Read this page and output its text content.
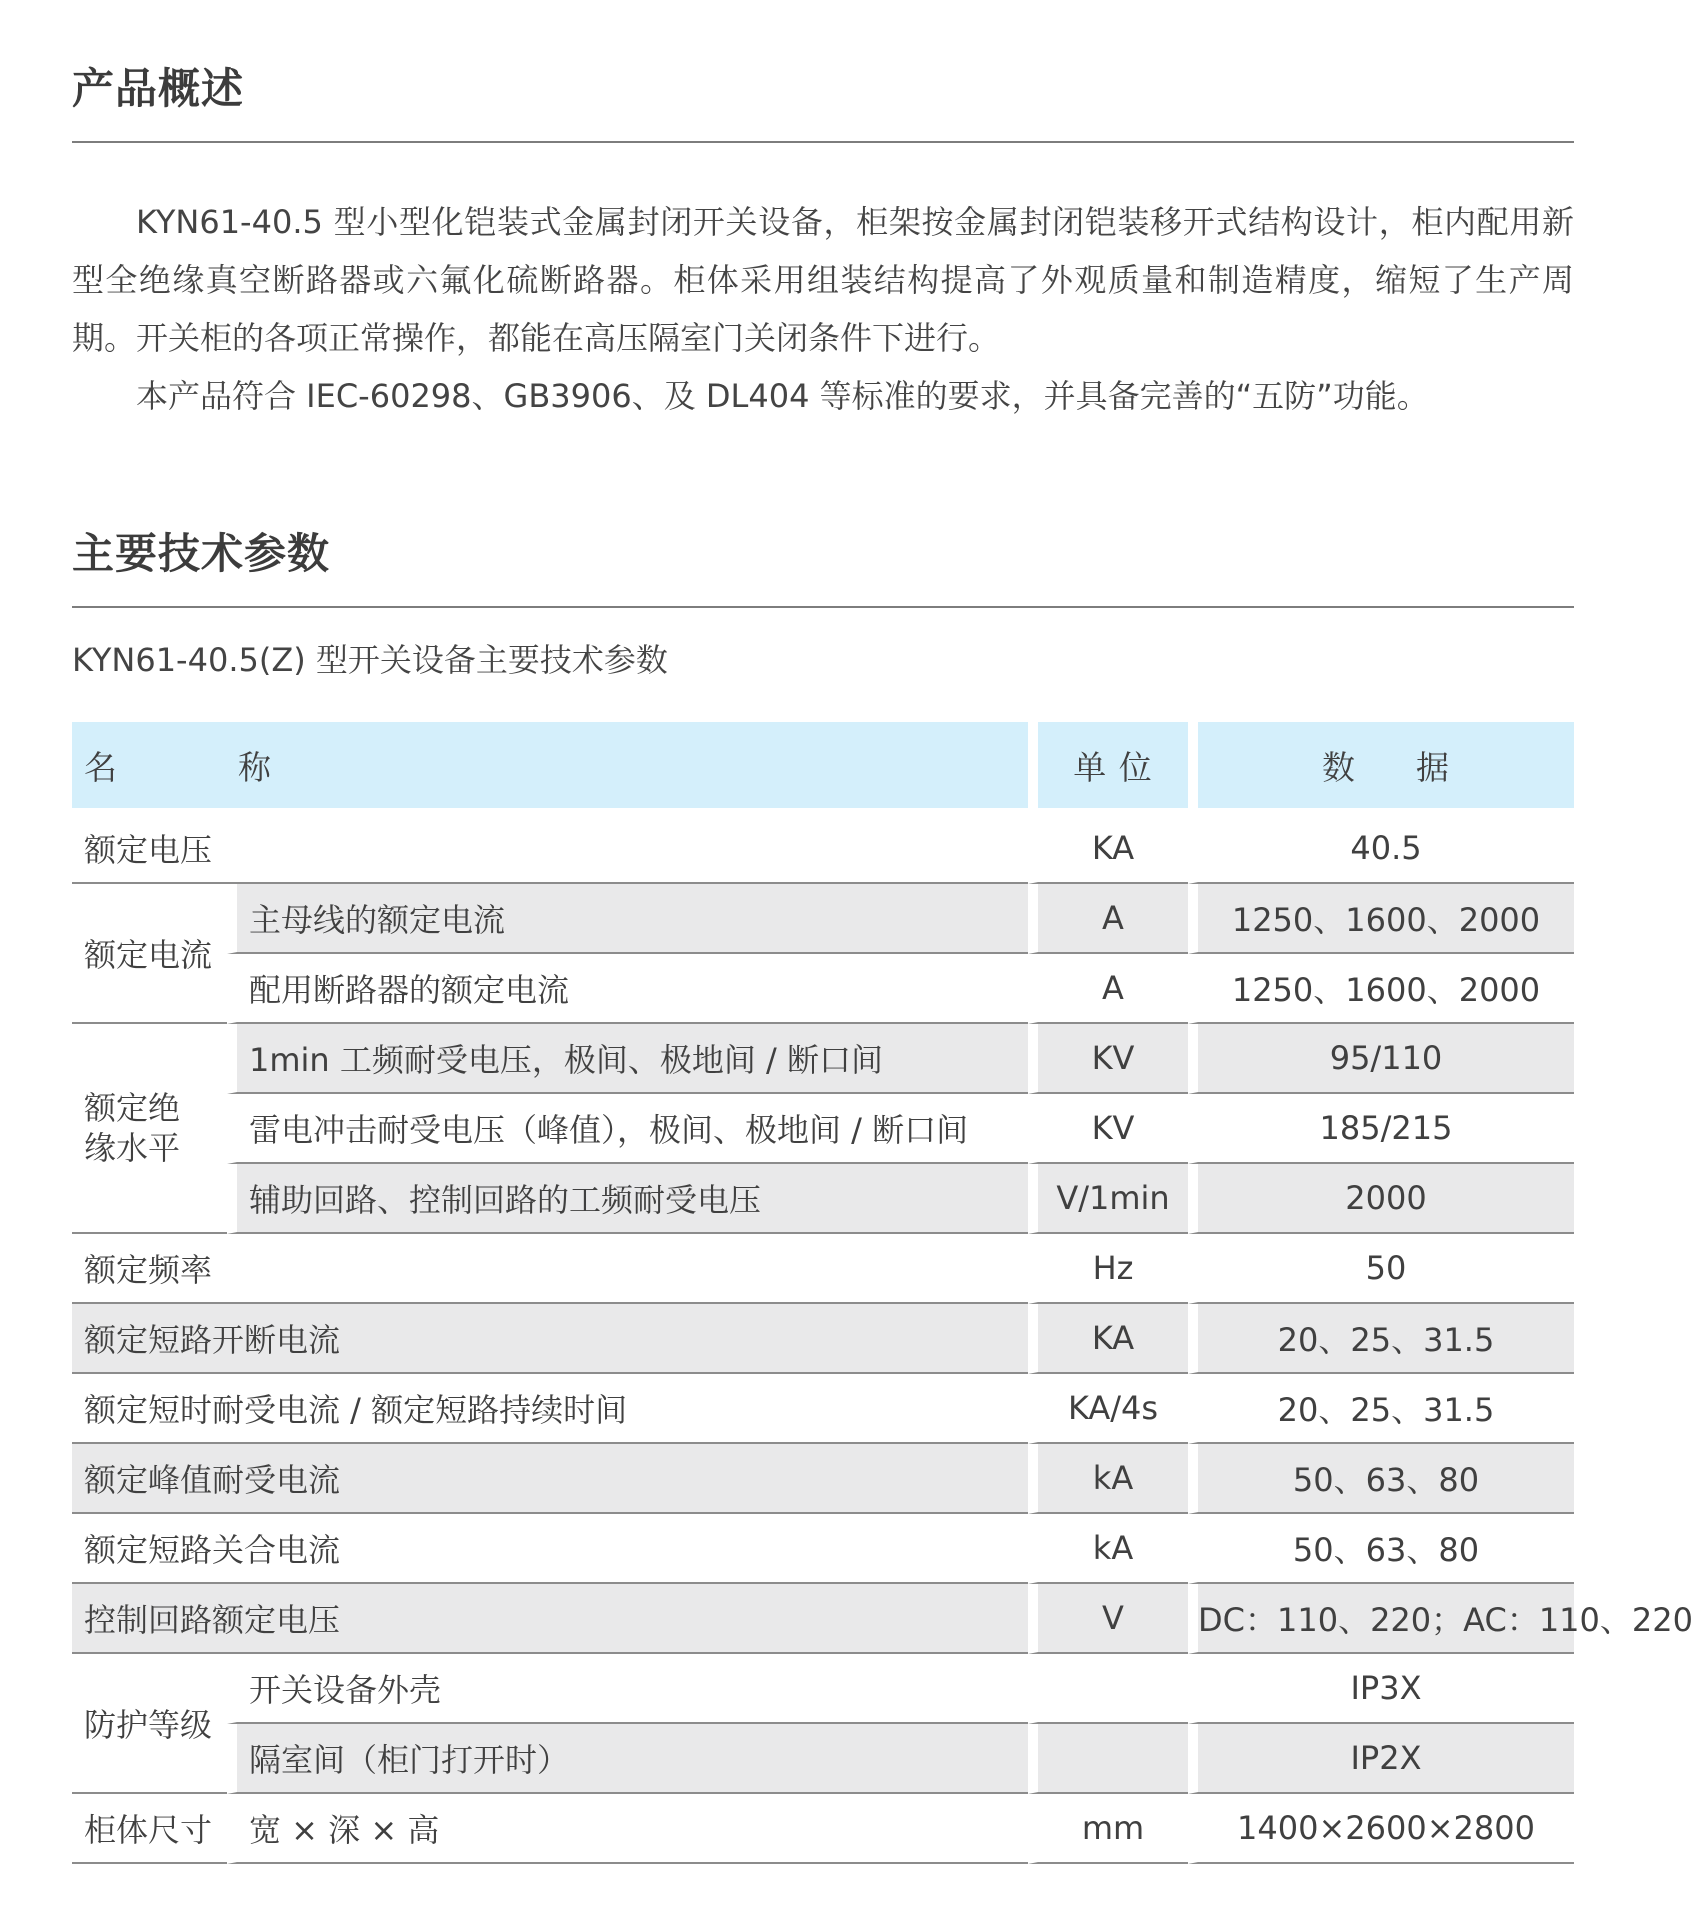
产品概述

KYN61-40.5 型小型化铠装式金属封闭开关设备，柜架按金属封闭铠装移开式结构设计，柜内配用新型全绝缘真空断路器或六氟化硫断路器。柜体采用组装结构提高了外观质量和制造精度，缩短了生产周期。开关柜的各项正常操作，都能在高压隔室门关闭条件下进行。

本产品符合 IEC-60298、GB3906、及 DL404 等标准的要求，并具备完善的“五防”功能。

主要技术参数
KYN61-40.5(Z) 型开关设备主要技术参数
名 称		单 位	数 据
额定电压		KA	40.5
额定电流	主母线的额定电流	A	1250、1600、2000
	配用断路器的额定电流	A	1250、1600、2000
额定绝
缘水平	1min 工频耐受电压，极间、极地间 / 断口间	KV	95/110
	雷电冲击耐受电压（峰值），极间、极地间 / 断口间	KV	185/215
	辅助回路、控制回路的工频耐受电压	V/1min	2000
额定频率		Hz	50
额定短路开断电流		KA	20、25、31.5
额定短时耐受电流 / 额定短路持续时间		KA/4s	20、25、31.5
额定峰值耐受电流		kA	50、63、80
额定短路关合电流		kA	50、63、80
控制回路额定电压		V	DC：110、220；AC：110、220
防护等级	开关设备外壳		IP3X
	隔室间（柜门打开时）		IP2X
柜体尺寸	宽 × 深 × 高	mm	1400×2600×2800
